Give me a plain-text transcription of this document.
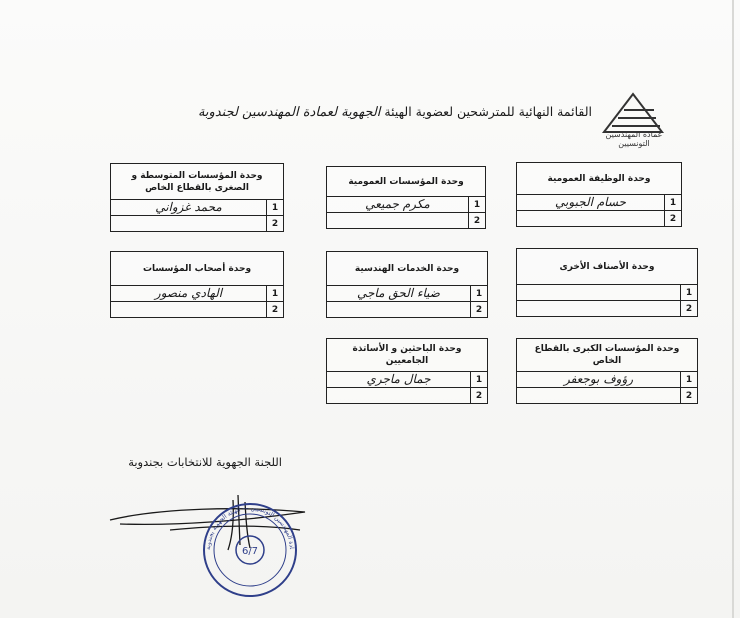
عمادة المهندسين التونسيين
القائمة النهائية للمترشحين لعضوية الهيئة الجهوية لعمادة المهندسين لجندوبة
وحدة الوظيفة العمومية
1
حسام الجبوبي
2
وحدة المؤسسات العمومية
1
مكرم جميعي
2
وحدة المؤسسات المتوسطة و الصغرى بالقطاع الخاص
1
محمد غزواني
2
وحدة الأصناف الأخرى
1
2
وحدة الخدمات الهندسية
1
ضياء الحق ماجي
2
وحدة أصحاب المؤسسات
1
الهادي منصور
2
وحدة المؤسسات الكبرى بالقطاع الخاص
1
رؤوف بوجعفر
2
وحدة الباحثين و الأساتذة الجامعيين
1
جمال ماجري
2
اللجنة الجهوية للانتخابات بجندوبة
6/7	ادة المهندسين التونسيين — الهيئة الجهوية بجندوبة
